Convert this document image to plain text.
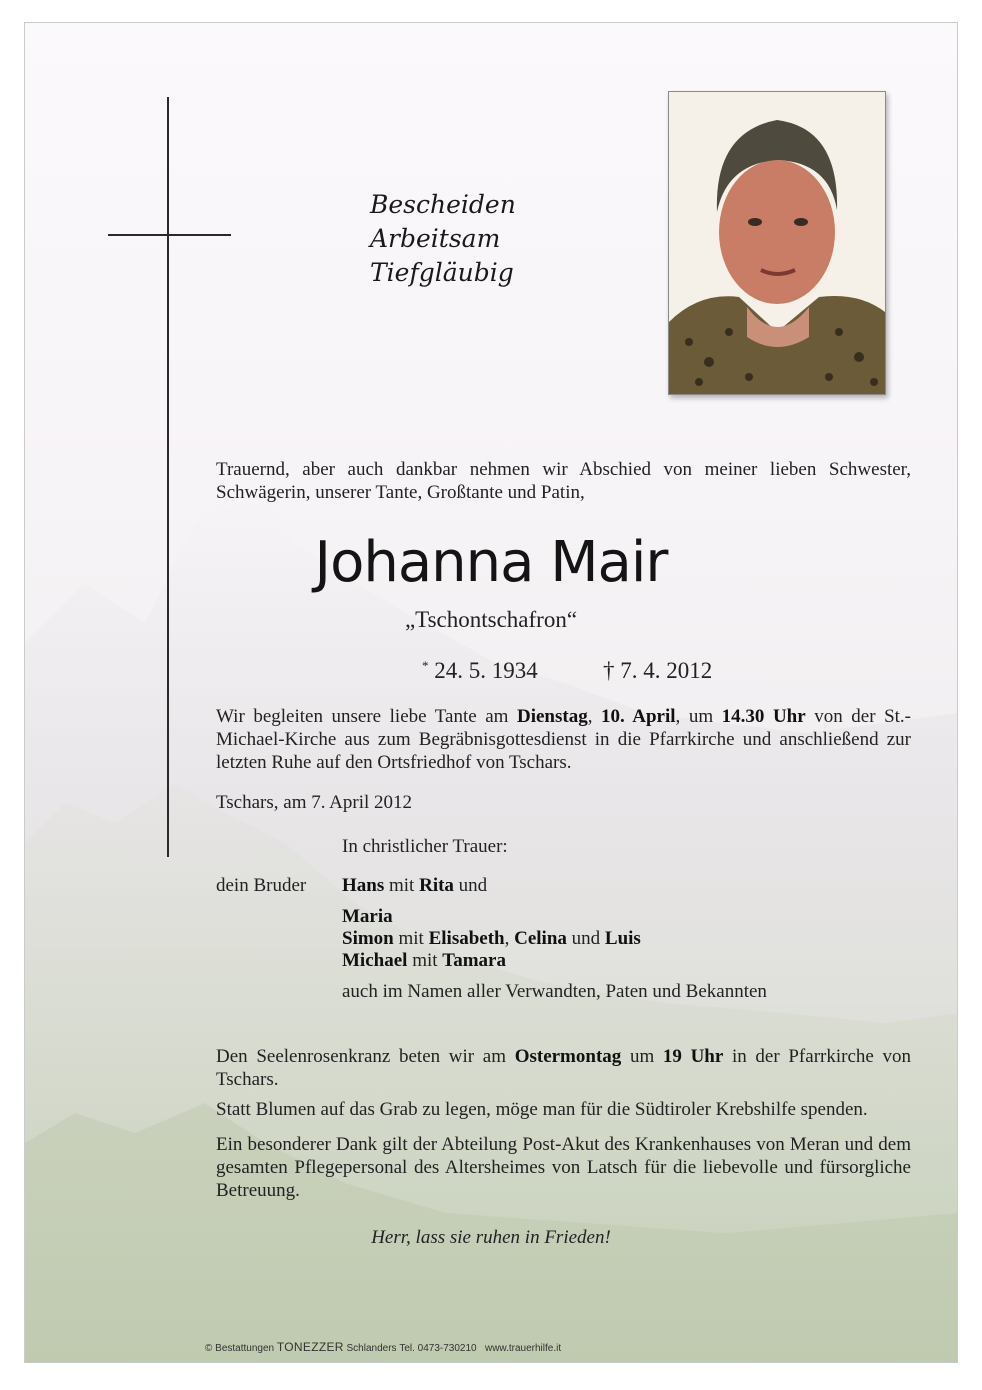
Bescheiden
Arbeitsam
Tiefgläubig
Trauernd, aber auch dankbar nehmen wir Abschied von meiner lieben Schwester, Schwägerin, unserer Tante, Großtante und Patin,
Johanna Mair
„Tschontschafron“
* 24. 5. 1934	† 7. 4. 2012
Wir begleiten unsere liebe Tante am Dienstag, 10. April, um 14.30 Uhr von der St.-Michael-Kirche aus zum Begräbnisgottesdienst in die Pfarrkirche und anschließend zur letzten Ruhe auf den Ortsfriedhof von Tschars.
Tschars, am 7. April 2012
In christlicher Trauer:
dein Bruder Hans mit Rita und
Maria
Simon mit Elisabeth, Celina und Luis
Michael mit Tamara
auch im Namen aller Verwandten, Paten und Bekannten
Den Seelenrosenkranz beten wir am Ostermontag um 19 Uhr in der Pfarrkirche von Tschars.
Statt Blumen auf das Grab zu legen, möge man für die Südtiroler Krebshilfe spenden.
Ein besonderer Dank gilt der Abteilung Post-Akut des Krankenhauses von Meran und dem gesamten Pflegepersonal des Altersheimes von Latsch für die liebevolle und fürsorgliche Betreuung.
Herr, lass sie ruhen in Frieden!
© Bestattungen TONEZZER Schlanders Tel. 0473-730210 www.trauerhilfe.it
